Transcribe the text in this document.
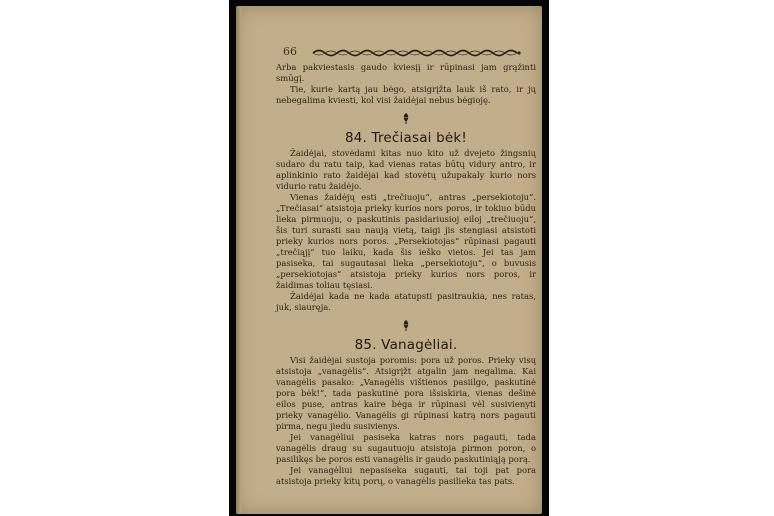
66

Arba pakviestasis gaudo kviesįį ir rūpinasi jam grąžinti smūgį.

Tie, kurie kartą jau bėgo, atsigrįžta lauk iš rato, ir jų nebegalima kviesti, kol visi žaidėjai nebus bėgioję.

84. Trečiasai bėk!

Žaidėjai, stovėdami kitas nuo kito už dvejeto žingsnių sudaro du ratu taip, kad vienas ratas būtų vidury antro, ir aplinkinio rato žaidėjai kad stovėtų užupakaly kurio nors vidurio ratu žaidėjo.

Vienas žaidėjų esti „trečiuoju“, antras „persekiotoju“. „Trečiasai“ atsistoja prieky kurios nors poros, ir tokiuo būdu lieka pirmuoju, o paskutinis pasidariusioj eiloj „trečiuoju“, šis turi surasti sau naują vietą, taigi jis stengiasi atsistoti prieky kurios nors poros. „Persekiotojas“ rūpinasi pagauti „trečiąjį“ tuo laiku, kada šis ieško vietos. Jei tas jam pasiseka, tai sugautasai lieka „persekiotoju“, o buvusis „persekiotojas“ atsistoja prieky kurios nors poros, ir žaidimas toliau tęsiasi.

Žaidėjai kada ne kada atatupsti pasitraukia, nes ratas, juk, siauręja.

85. Vanagėliai.

Visi žaidėjai sustoja poromis: pora už poros. Prieky visų atsistoja „vanagėlis“. Atsigrįžt atgalin jam negalima. Kai vanagėlis pasako: „Vanagėlis vištienos pasiilgo, paskutinė pora bėk!“, tada paskutinė pora išsiskiria, vienas dešinė eilos puse, antras kaire bėga ir rūpinasi vėl susivienyti prieky vanagėlio. Vanagėlis gi rūpinasi katrą nors pagauti pirma, negu jiedu susivienys.

Jei vanagėliui pasiseka katras nors pagauti, tada vanagėlis draug su sugautuoju atsistoja pirmon poron, o pasilikęs be poros esti vanagėlis ir gaudo paskutiniąją porą.

Jei vanagėliui nepasiseka sugauti, tai toji pat pora atsistoja prieky kitų porų, o vanagėlis pasilieka tas pats.
